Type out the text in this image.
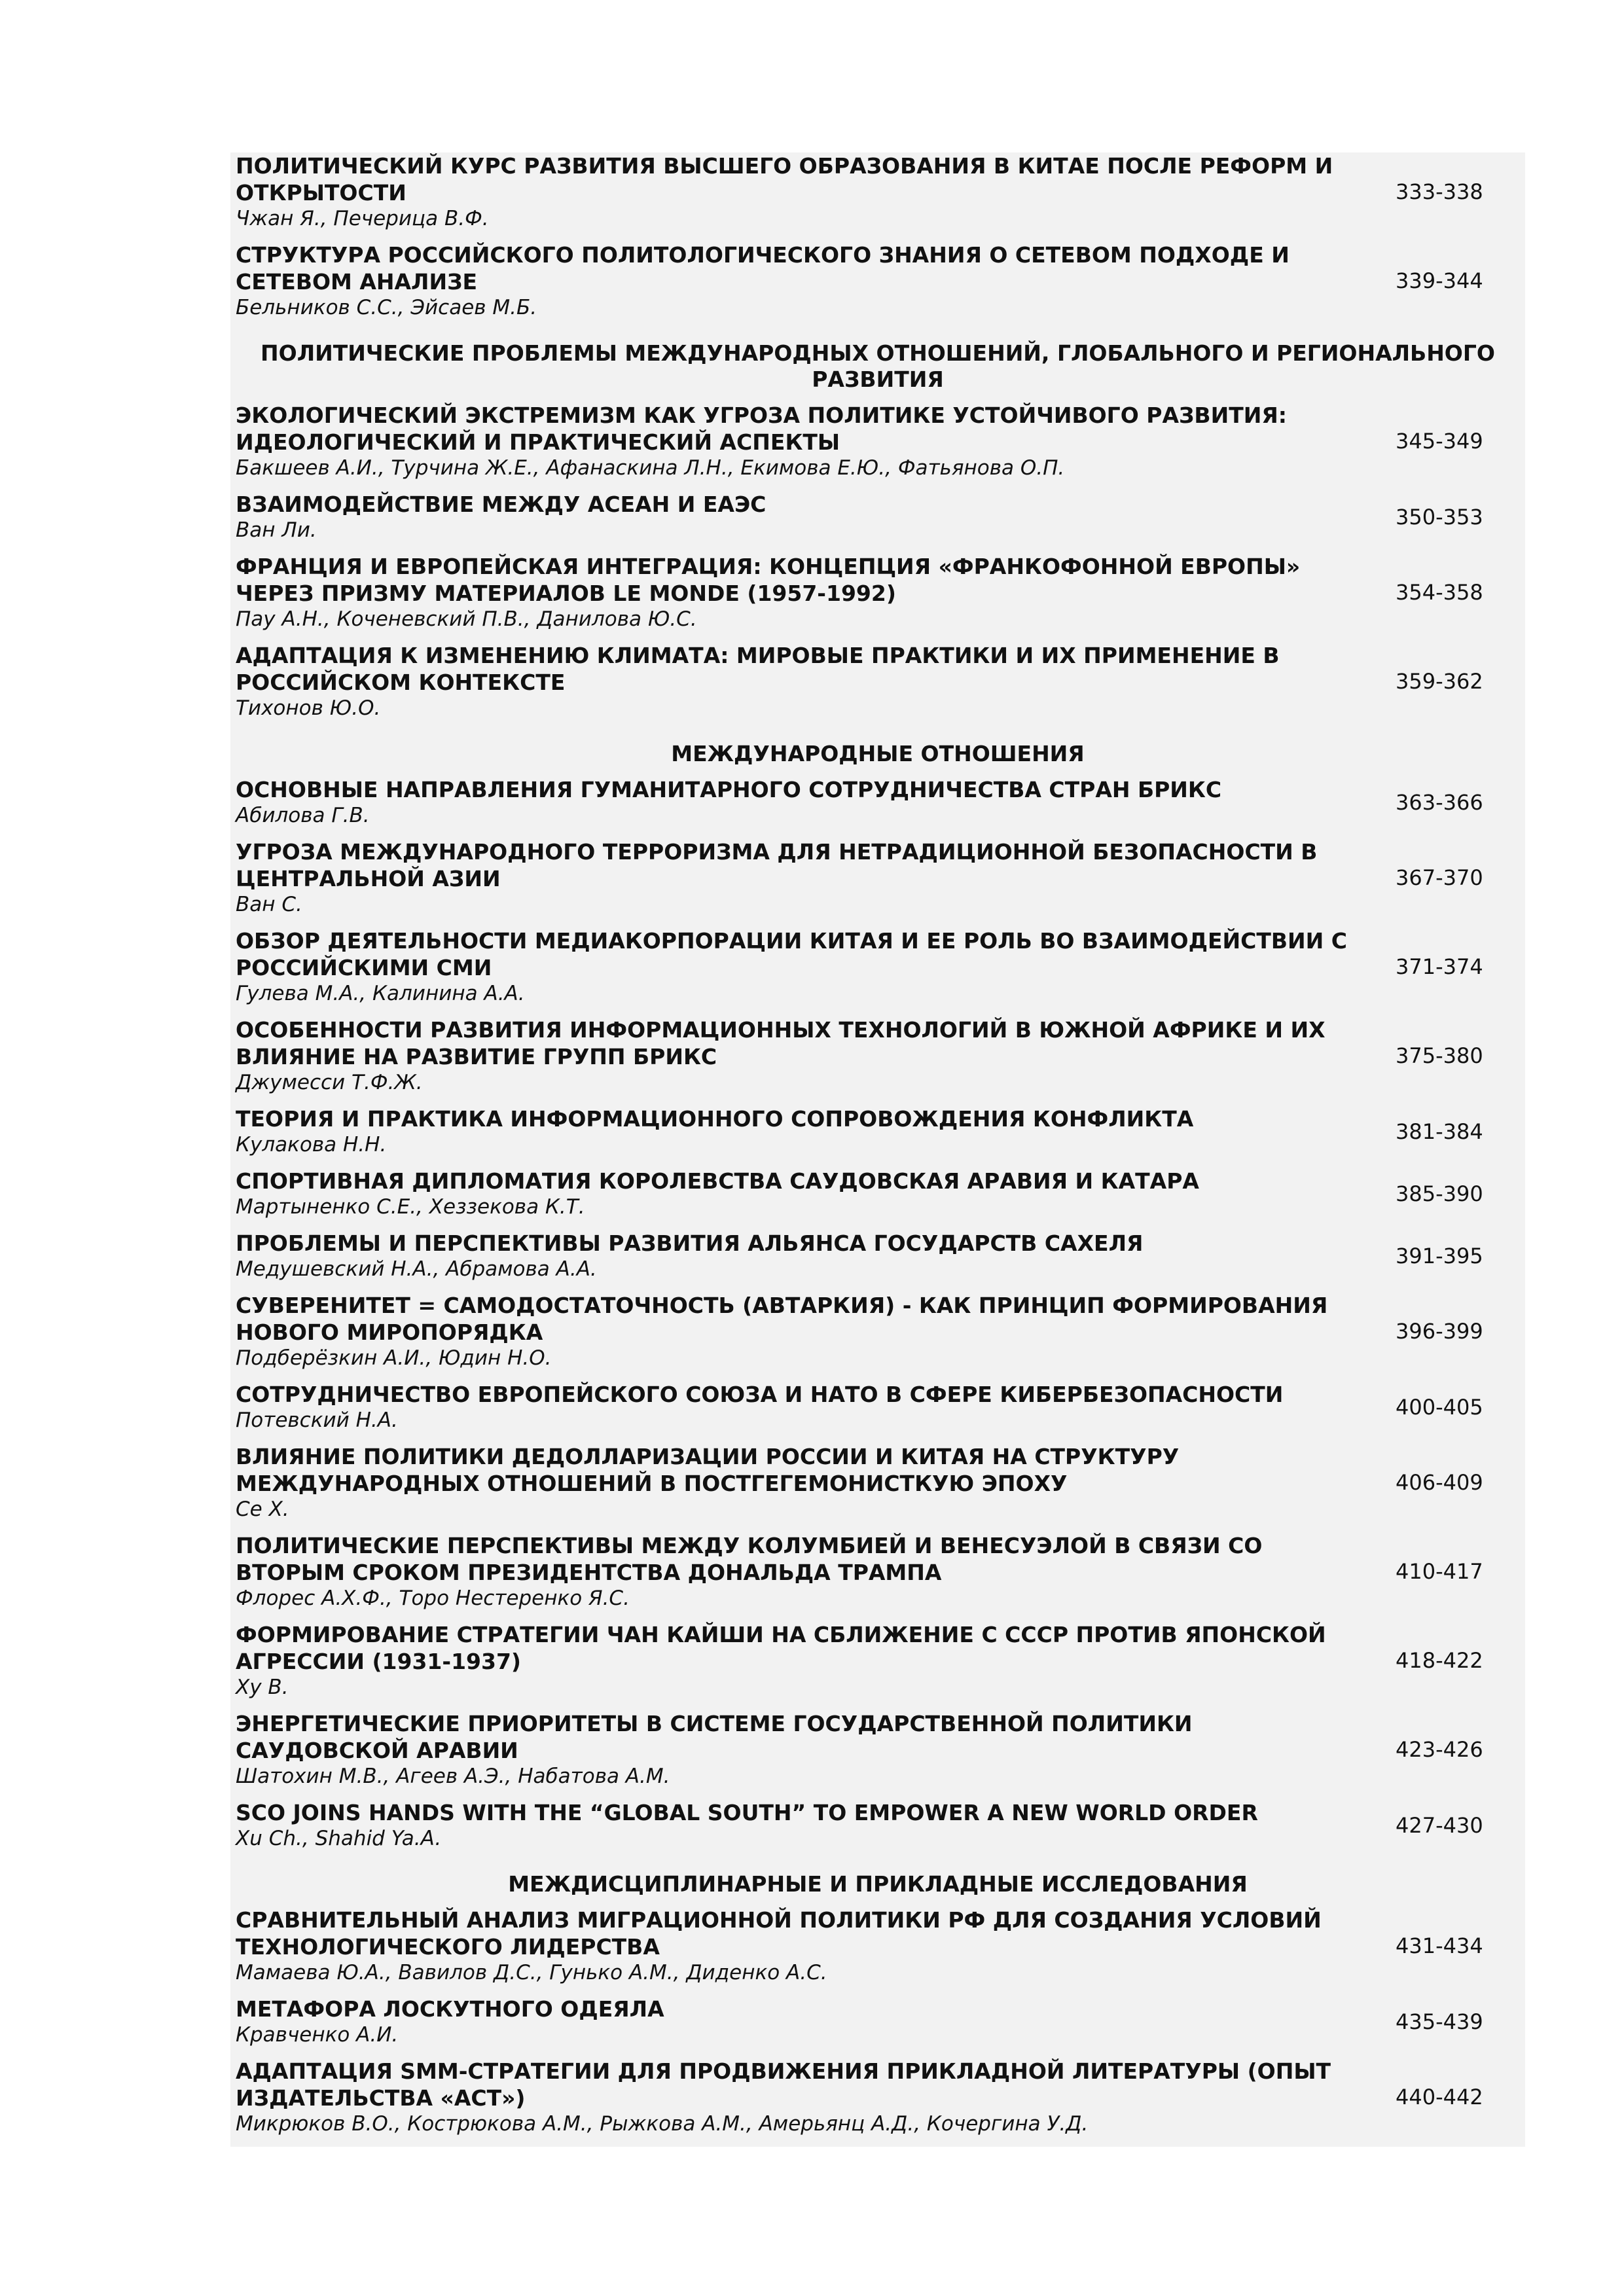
ПОЛИТИЧЕСКИЙ КУРС РАЗВИТИЯ ВЫСШЕГО ОБРАЗОВАНИЯ В КИТАЕ ПОСЛЕ РЕФОРМ И ОТКРЫТОСТИ
Чжан Я., Печерица В.Ф.
333-338
СТРУКТУРА РОССИЙСКОГО ПОЛИТОЛОГИЧЕСКОГО ЗНАНИЯ О СЕТЕВОМ ПОДХОДЕ И СЕТЕВОМ АНАЛИЗЕ
Бельников С.С., Эйсаев М.Б.
339-344
ПОЛИТИЧЕСКИЕ ПРОБЛЕМЫ МЕЖДУНАРОДНЫХ ОТНОШЕНИЙ, ГЛОБАЛЬНОГО И РЕГИОНАЛЬНОГО РАЗВИТИЯ
ЭКОЛОГИЧЕСКИЙ ЭКСТРЕМИЗМ КАК УГРОЗА ПОЛИТИКЕ УСТОЙЧИВОГО РАЗВИТИЯ: ИДЕОЛОГИЧЕСКИЙ И ПРАКТИЧЕСКИЙ АСПЕКТЫ
Бакшеев А.И., Турчина Ж.Е., Афанаскина Л.Н., Екимова Е.Ю., Фатьянова О.П.
345-349
ВЗАИМОДЕЙСТВИЕ МЕЖДУ АСЕАН И ЕАЭС
Ван Ли.
350-353
ФРАНЦИЯ И ЕВРОПЕЙСКАЯ ИНТЕГРАЦИЯ: КОНЦЕПЦИЯ «ФРАНКОФОННОЙ ЕВРОПЫ» ЧЕРЕЗ ПРИЗМУ МАТЕРИАЛОВ LE MONDE (1957-1992)
Пау А.Н., Коченевский П.В., Данилова Ю.С.
354-358
АДАПТАЦИЯ К ИЗМЕНЕНИЮ КЛИМАТА: МИРОВЫЕ ПРАКТИКИ И ИХ ПРИМЕНЕНИЕ В РОССИЙСКОМ КОНТЕКСТЕ
Тихонов Ю.О.
359-362
МЕЖДУНАРОДНЫЕ ОТНОШЕНИЯ
ОСНОВНЫЕ НАПРАВЛЕНИЯ ГУМАНИТАРНОГО СОТРУДНИЧЕСТВА СТРАН БРИКС
Абилова Г.В.
363-366
УГРОЗА МЕЖДУНАРОДНОГО ТЕРРОРИЗМА ДЛЯ НЕТРАДИЦИОННОЙ БЕЗОПАСНОСТИ В ЦЕНТРАЛЬНОЙ АЗИИ
Ван С.
367-370
ОБЗОР ДЕЯТЕЛЬНОСТИ МЕДИАКОРПОРАЦИИ КИТАЯ И ЕЕ РОЛЬ ВО ВЗАИМОДЕЙСТВИИ С РОССИЙСКИМИ СМИ
Гулева М.А., Калинина А.А.
371-374
ОСОБЕННОСТИ РАЗВИТИЯ ИНФОРМАЦИОННЫХ ТЕХНОЛОГИЙ В ЮЖНОЙ АФРИКЕ И ИХ ВЛИЯНИЕ НА РАЗВИТИЕ ГРУПП БРИКС
Джумесси Т.Ф.Ж.
375-380
ТЕОРИЯ И ПРАКТИКА ИНФОРМАЦИОННОГО СОПРОВОЖДЕНИЯ КОНФЛИКТА
Кулакова Н.Н.
381-384
СПОРТИВНАЯ ДИПЛОМАТИЯ КОРОЛЕВСТВА САУДОВСКАЯ АРАВИЯ И КАТАРА
Мартыненко С.Е., Хеззекова К.Т.
385-390
ПРОБЛЕМЫ И ПЕРСПЕКТИВЫ РАЗВИТИЯ АЛЬЯНСА ГОСУДАРСТВ САХЕЛЯ
Медушевский Н.А., Абрамова А.А.
391-395
СУВЕРЕНИТЕТ = САМОДОСТАТОЧНОСТЬ (АВТАРКИЯ) - КАК ПРИНЦИП ФОРМИРОВАНИЯ НОВОГО МИРОПОРЯДКА
Подберёзкин А.И., Юдин Н.О.
396-399
СОТРУДНИЧЕСТВО ЕВРОПЕЙСКОГО СОЮЗА И НАТО В СФЕРЕ КИБЕРБЕЗОПАСНОСТИ
Потевский Н.А.
400-405
ВЛИЯНИЕ ПОЛИТИКИ ДЕДОЛЛАРИЗАЦИИ РОССИИ И КИТАЯ НА СТРУКТУРУ МЕЖДУНАРОДНЫХ ОТНОШЕНИЙ В ПОСТГЕГЕМОНИСТКУЮ ЭПОХУ
Се Х.
406-409
ПОЛИТИЧЕСКИЕ ПЕРСПЕКТИВЫ МЕЖДУ КОЛУМБИЕЙ И ВЕНЕСУЭЛОЙ В СВЯЗИ СО ВТОРЫМ СРОКОМ ПРЕЗИДЕНТСТВА ДОНАЛЬДА ТРАМПА
Флорес А.Х.Ф., Торо Нестеренко Я.С.
410-417
ФОРМИРОВАНИЕ СТРАТЕГИИ ЧАН КАЙШИ НА СБЛИЖЕНИЕ С СССР ПРОТИВ ЯПОНСКОЙ АГРЕССИИ (1931-1937)
Ху В.
418-422
ЭНЕРГЕТИЧЕСКИЕ ПРИОРИТЕТЫ В СИСТЕМЕ ГОСУДАРСТВЕННОЙ ПОЛИТИКИ САУДОВСКОЙ АРАВИИ
Шатохин М.В., Агеев А.Э., Набатова А.М.
423-426
SCO JOINS HANDS WITH THE “GLOBAL SOUTH” TO EMPOWER A NEW WORLD ORDER
Xu Ch., Shahid Ya.A.
427-430
МЕЖДИСЦИПЛИНАРНЫЕ И ПРИКЛАДНЫЕ ИССЛЕДОВАНИЯ
СРАВНИТЕЛЬНЫЙ АНАЛИЗ МИГРАЦИОННОЙ ПОЛИТИКИ РФ ДЛЯ СОЗДАНИЯ УСЛОВИЙ ТЕХНОЛОГИЧЕСКОГО ЛИДЕРСТВА
Мамаева Ю.А., Вавилов Д.С., Гунько А.М., Диденко А.С.
431-434
МЕТАФОРА ЛОСКУТНОГО ОДЕЯЛА
Кравченко А.И.
435-439
АДАПТАЦИЯ SMM-СТРАТЕГИИ ДЛЯ ПРОДВИЖЕНИЯ ПРИКЛАДНОЙ ЛИТЕРАТУРЫ (ОПЫТ ИЗДАТЕЛЬСТВА «АСТ»)
Микрюков В.О., Кострюкова А.М., Рыжкова А.М., Амерьянц А.Д., Кочергина У.Д.
440-442
